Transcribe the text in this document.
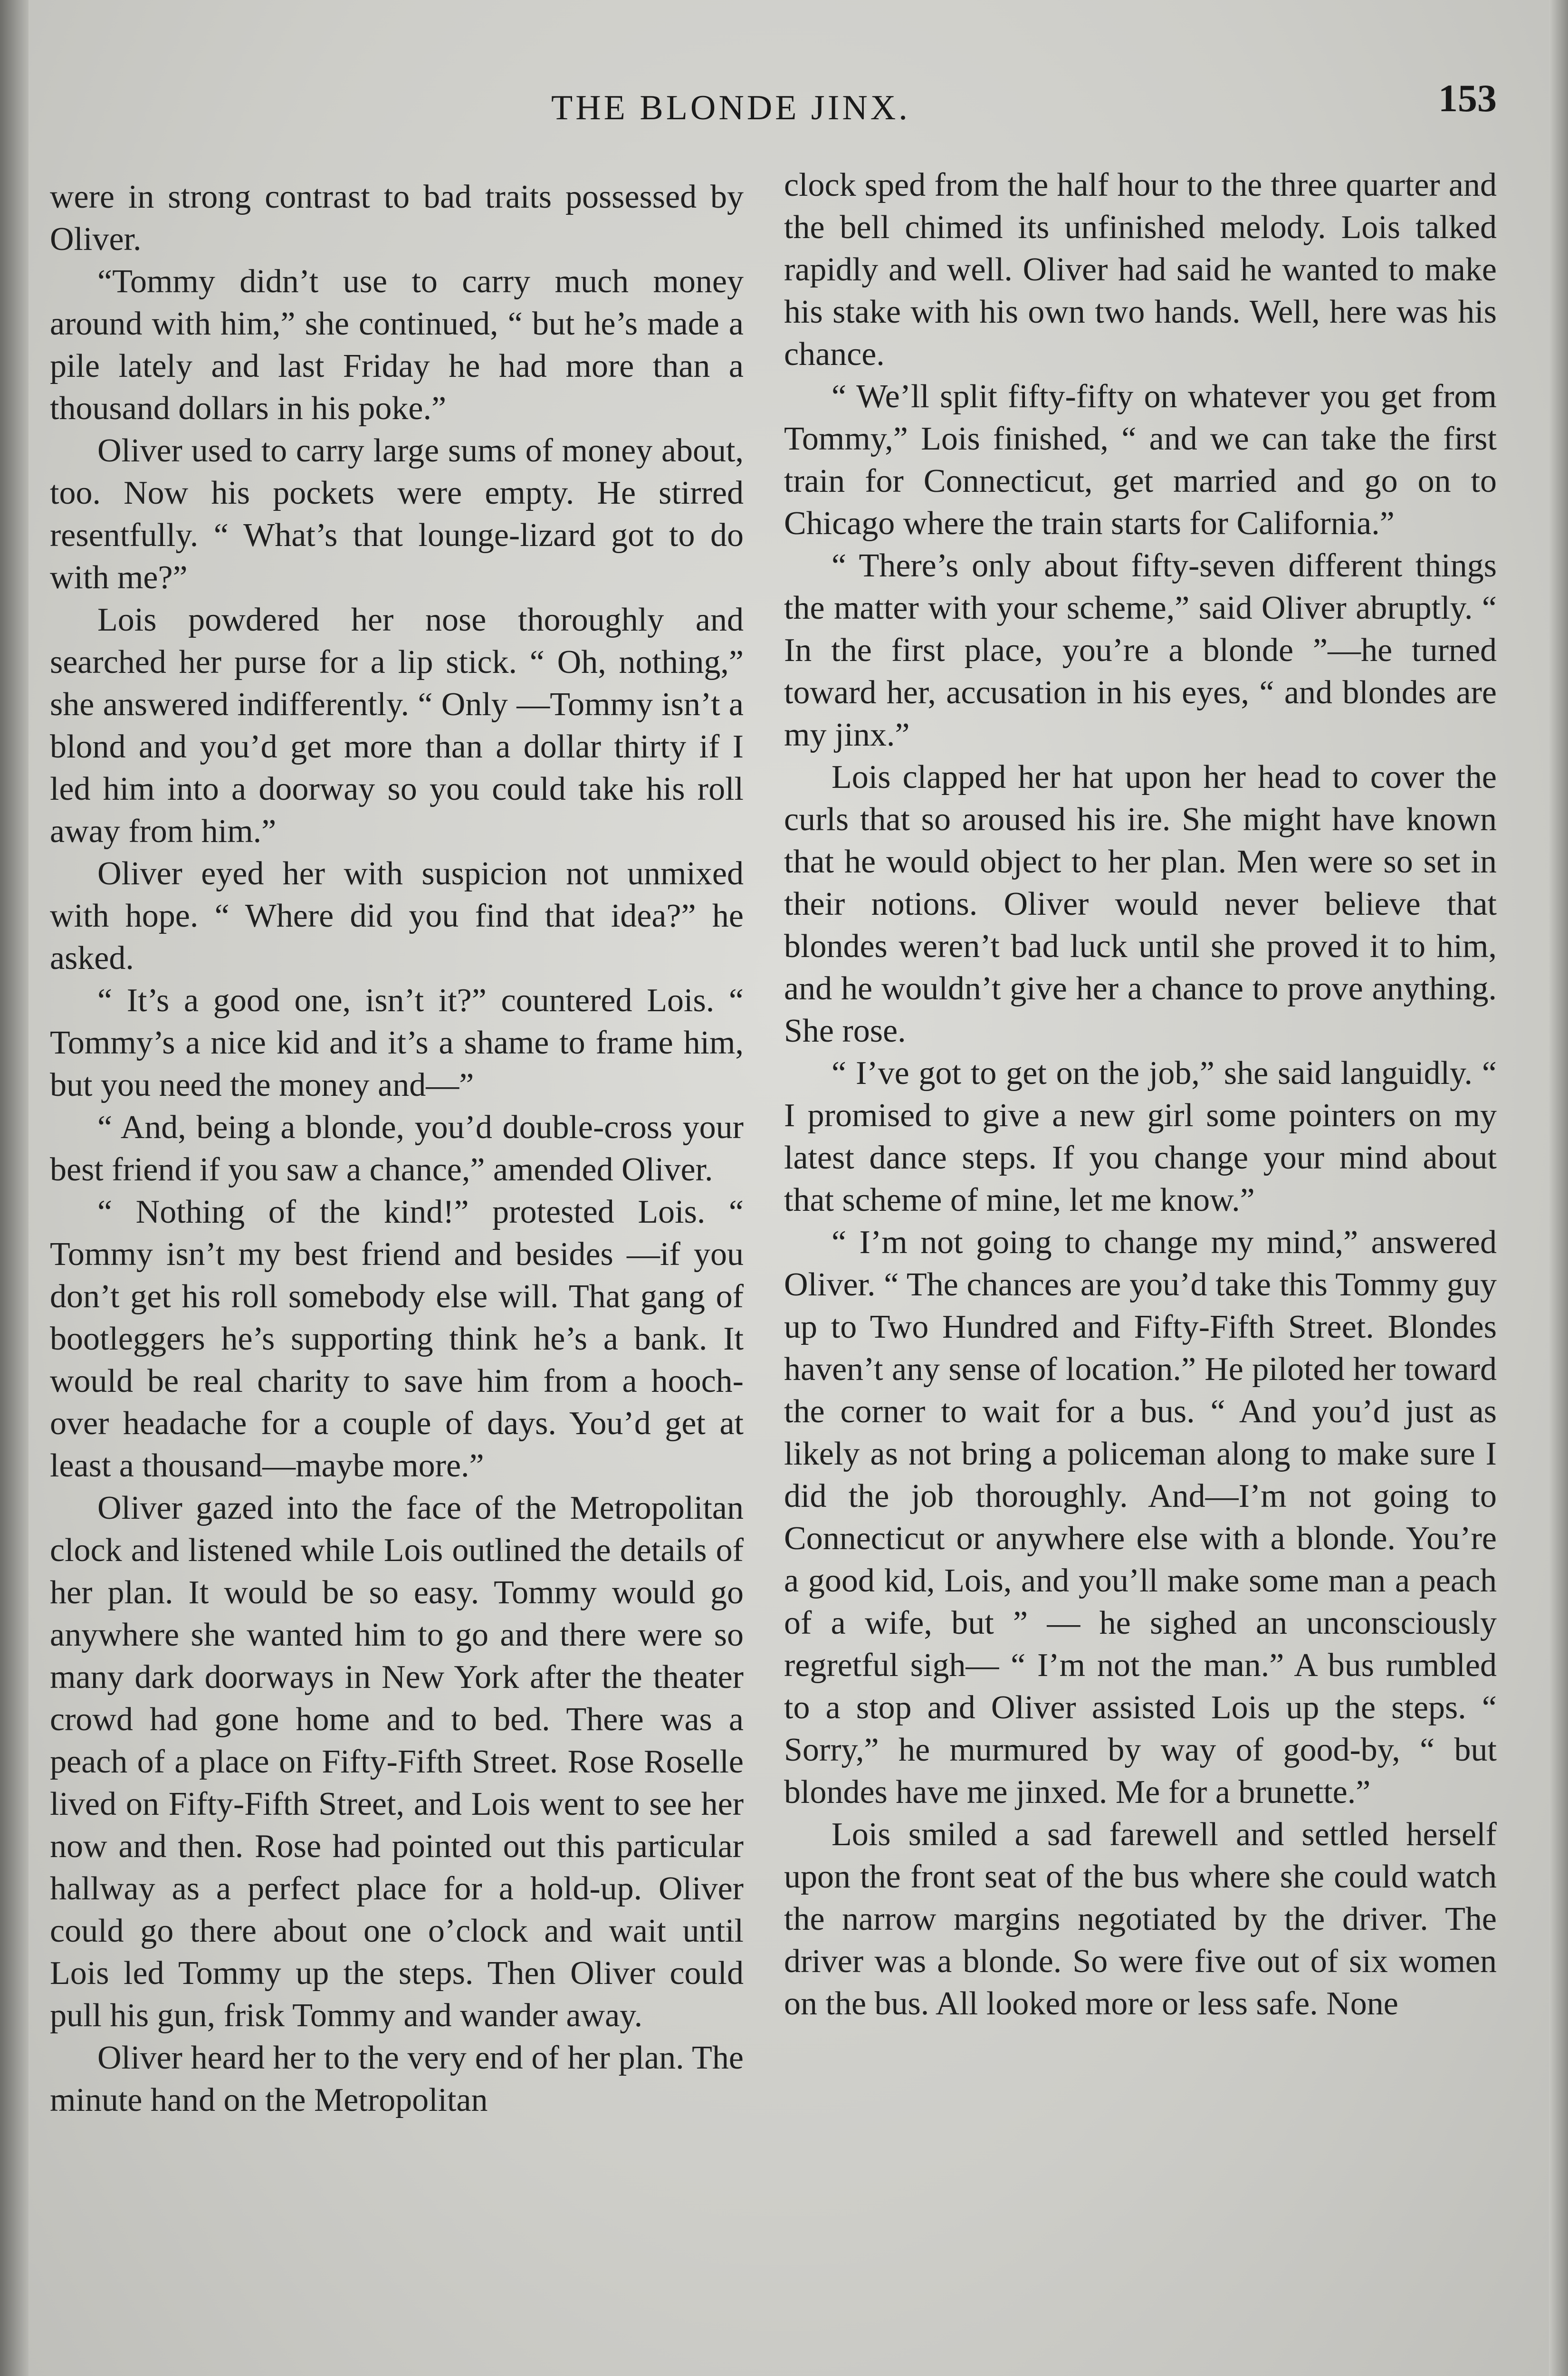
THE BLONDE JINX.	153

were in strong contrast to bad traits possessed by Oliver.

“Tommy didn’t use to carry much money around with him,” she continued, “ but he’s made a pile lately and last Friday he had more than a thousand dollars in his poke.”

Oliver used to carry large sums of money about, too. Now his pockets were empty. He stirred resentfully. “ What’s that lounge-lizard got to do with me?”

Lois powdered her nose thoroughly and searched her purse for a lip stick. “ Oh, nothing,” she answered indifferently. “ Only —Tommy isn’t a blond and you’d get more than a dollar thirty if I led him into a doorway so you could take his roll away from him.”

Oliver eyed her with suspicion not unmixed with hope. “ Where did you find that idea?” he asked.

“ It’s a good one, isn’t it?” countered Lois. “ Tommy’s a nice kid and it’s a shame to frame him, but you need the money and—”

“ And, being a blonde, you’d double-cross your best friend if you saw a chance,” amended Oliver.

“ Nothing of the kind!” protested Lois. “ Tommy isn’t my best friend and besides —if you don’t get his roll somebody else will. That gang of bootleggers he’s supporting think he’s a bank. It would be real charity to save him from a hooch-over headache for a couple of days. You’d get at least a thousand—maybe more.”

Oliver gazed into the face of the Metropolitan clock and listened while Lois outlined the details of her plan. It would be so easy. Tommy would go anywhere she wanted him to go and there were so many dark doorways in New York after the theater crowd had gone home and to bed. There was a peach of a place on Fifty-Fifth Street. Rose Roselle lived on Fifty-Fifth Street, and Lois went to see her now and then. Rose had pointed out this particular hallway as a perfect place for a hold-up. Oliver could go there about one o’clock and wait until Lois led Tommy up the steps. Then Oliver could pull his gun, frisk Tommy and wander away.

Oliver heard her to the very end of her plan. The minute hand on the Metropolitan

clock sped from the half hour to the three quarter and the bell chimed its unfinished melody. Lois talked rapidly and well. Oliver had said he wanted to make his stake with his own two hands. Well, here was his chance.

“ We’ll split fifty-fifty on whatever you get from Tommy,” Lois finished, “ and we can take the first train for Connecticut, get married and go on to Chicago where the train starts for California.”

“ There’s only about fifty-seven different things the matter with your scheme,” said Oliver abruptly. “ In the first place, you’re a blonde ”—he turned toward her, accusation in his eyes, “ and blondes are my jinx.”

Lois clapped her hat upon her head to cover the curls that so aroused his ire. She might have known that he would object to her plan. Men were so set in their notions. Oliver would never believe that blondes weren’t bad luck until she proved it to him, and he wouldn’t give her a chance to prove anything. She rose.

“ I’ve got to get on the job,” she said languidly. “ I promised to give a new girl some pointers on my latest dance steps. If you change your mind about that scheme of mine, let me know.”

“ I’m not going to change my mind,” answered Oliver. “ The chances are you’d take this Tommy guy up to Two Hundred and Fifty-Fifth Street. Blondes haven’t any sense of location.” He piloted her toward the corner to wait for a bus. “ And you’d just as likely as not bring a policeman along to make sure I did the job thoroughly. And—I’m not going to Connecticut or anywhere else with a blonde. You’re a good kid, Lois, and you’ll make some man a peach of a wife, but ” — he sighed an unconsciously regretful sigh— “ I’m not the man.” A bus rumbled to a stop and Oliver assisted Lois up the steps. “ Sorry,” he murmured by way of good-by, “ but blondes have me jinxed. Me for a brunette.”

Lois smiled a sad farewell and settled herself upon the front seat of the bus where she could watch the narrow margins negotiated by the driver. The driver was a blonde. So were five out of six women on the bus. All looked more or less safe. None
